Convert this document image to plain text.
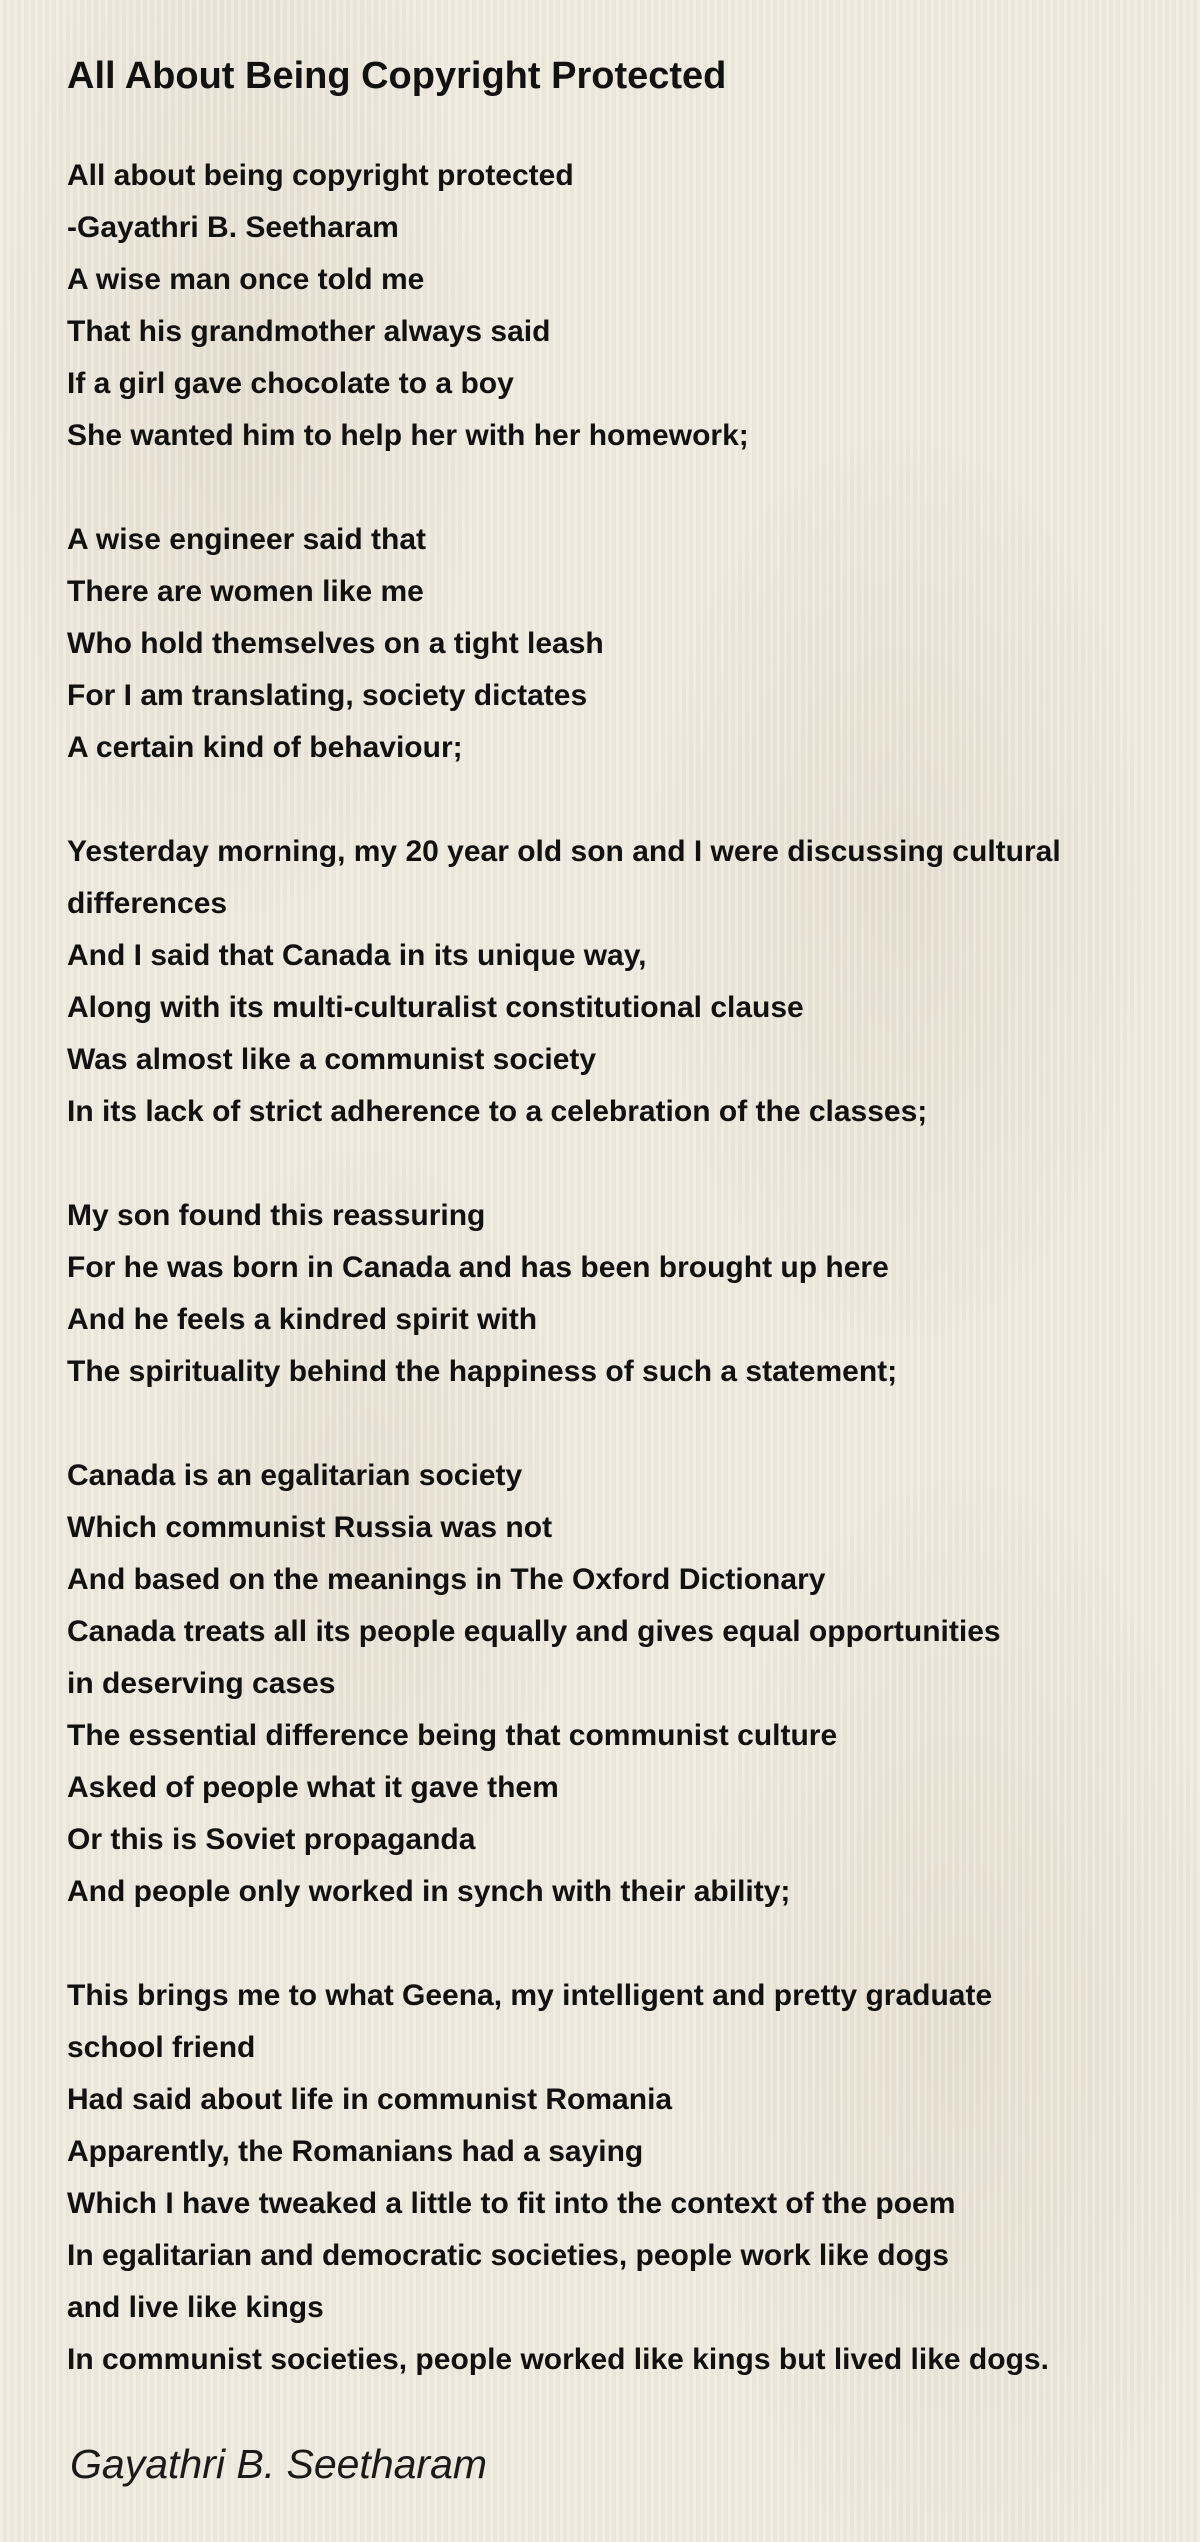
All About Being Copyright Protected
All about being copyright protected
-Gayathri B. Seetharam
A wise man once told me
That his grandmother always said
If a girl gave chocolate to a boy
She wanted him to help her with her homework;
A wise engineer said that
There are women like me
Who hold themselves on a tight leash
For I am translating, society dictates
A certain kind of behaviour;
Yesterday morning, my 20 year old son and I were discussing cultural
differences
And I said that Canada in its unique way,
Along with its multi-culturalist constitutional clause
Was almost like a communist society
In its lack of strict adherence to a celebration of the classes;
My son found this reassuring
For he was born in Canada and has been brought up here
And he feels a kindred spirit with
The spirituality behind the happiness of such a statement;
Canada is an egalitarian society
Which communist Russia was not
And based on the meanings in The Oxford Dictionary
Canada treats all its people equally and gives equal opportunities
in deserving cases
The essential difference being that communist culture
Asked of people what it gave them
Or this is Soviet propaganda
And people only worked in synch with their ability;
This brings me to what Geena, my intelligent and pretty graduate
school friend
Had said about life in communist Romania
Apparently, the Romanians had a saying
Which I have tweaked a little to fit into the context of the poem
In egalitarian and democratic societies, people work like dogs
and live like kings
In communist societies, people worked like kings but lived like dogs.
Gayathri B. Seetharam
